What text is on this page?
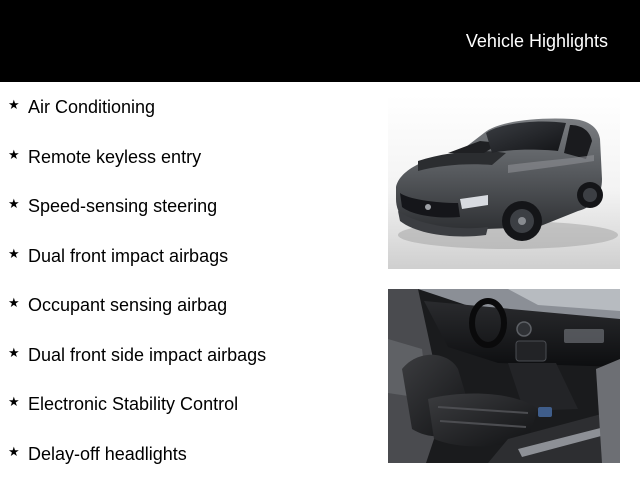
Vehicle Highlights
★ Air Conditioning
★ Remote keyless entry
★ Speed-sensing steering
★ Dual front impact airbags
★ Occupant sensing airbag
★ Dual front side impact airbags
★ Electronic Stability Control
★ Delay-off headlights
